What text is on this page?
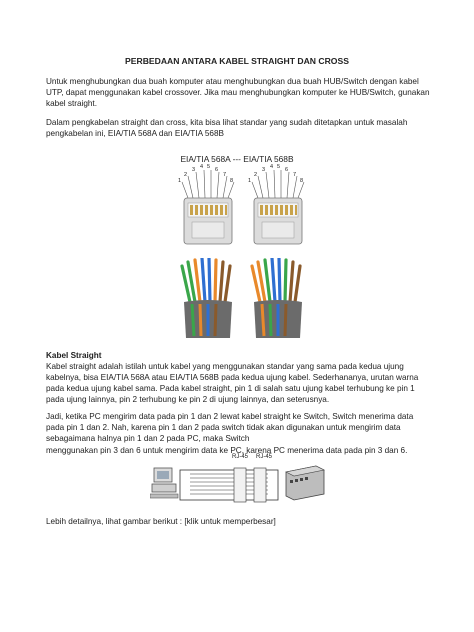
PERBEDAAN ANTARA KABEL STRAIGHT DAN CROSS

Untuk menghubungkan dua buah komputer atau menghubungkan dua buah HUB/Switch dengan kabel UTP, dapat menggunakan kabel crossover. Jika mau menghubungkan komputer ke HUB/Switch, gunakan kabel straight.

Dalam pengkabelan straight dan cross, kita bisa lihat standar yang sudah ditetapkan untuk masalah pengkabelan ini, EIA/TIA 568A dan EIA/TIA 568B

EIA/TIA 568A --- EIA/TIA 568B
1
2
3 4 5 6
7
8	1
2
3 4 5 6
7
8

Kabel Straight

Kabel straight adalah istilah untuk kabel yang menggunakan standar yang sama pada kedua ujung kabelnya, bisa EIA/TIA 568A atau EIA/TIA 568B pada kedua ujung kabel. Sederhananya, urutan warna pada kedua ujung kabel sama. Pada kabel straight, pin 1 di salah satu ujung kabel terhubung ke pin 1 pada ujung lainnya, pin 2 terhubung ke pin 2 di ujung lainnya, dan seterusnya.

Jadi, ketika PC mengirim data pada pin 1 dan 2 lewat kabel straight ke Switch, Switch menerima data pada pin 1 dan 2. Nah, karena pin 1 dan 2 pada switch tidak akan digunakan untuk mengirim data sebagaimana halnya pin 1 dan 2 pada PC, maka Switch

menggunakan pin 3 dan 6 untuk mengirim data ke PC, karena PC menerima data pada pin 3 dan 6.

RJ-45 RJ-45

Lebih detailnya, lihat gambar berikut : [klik untuk memperbesar]
